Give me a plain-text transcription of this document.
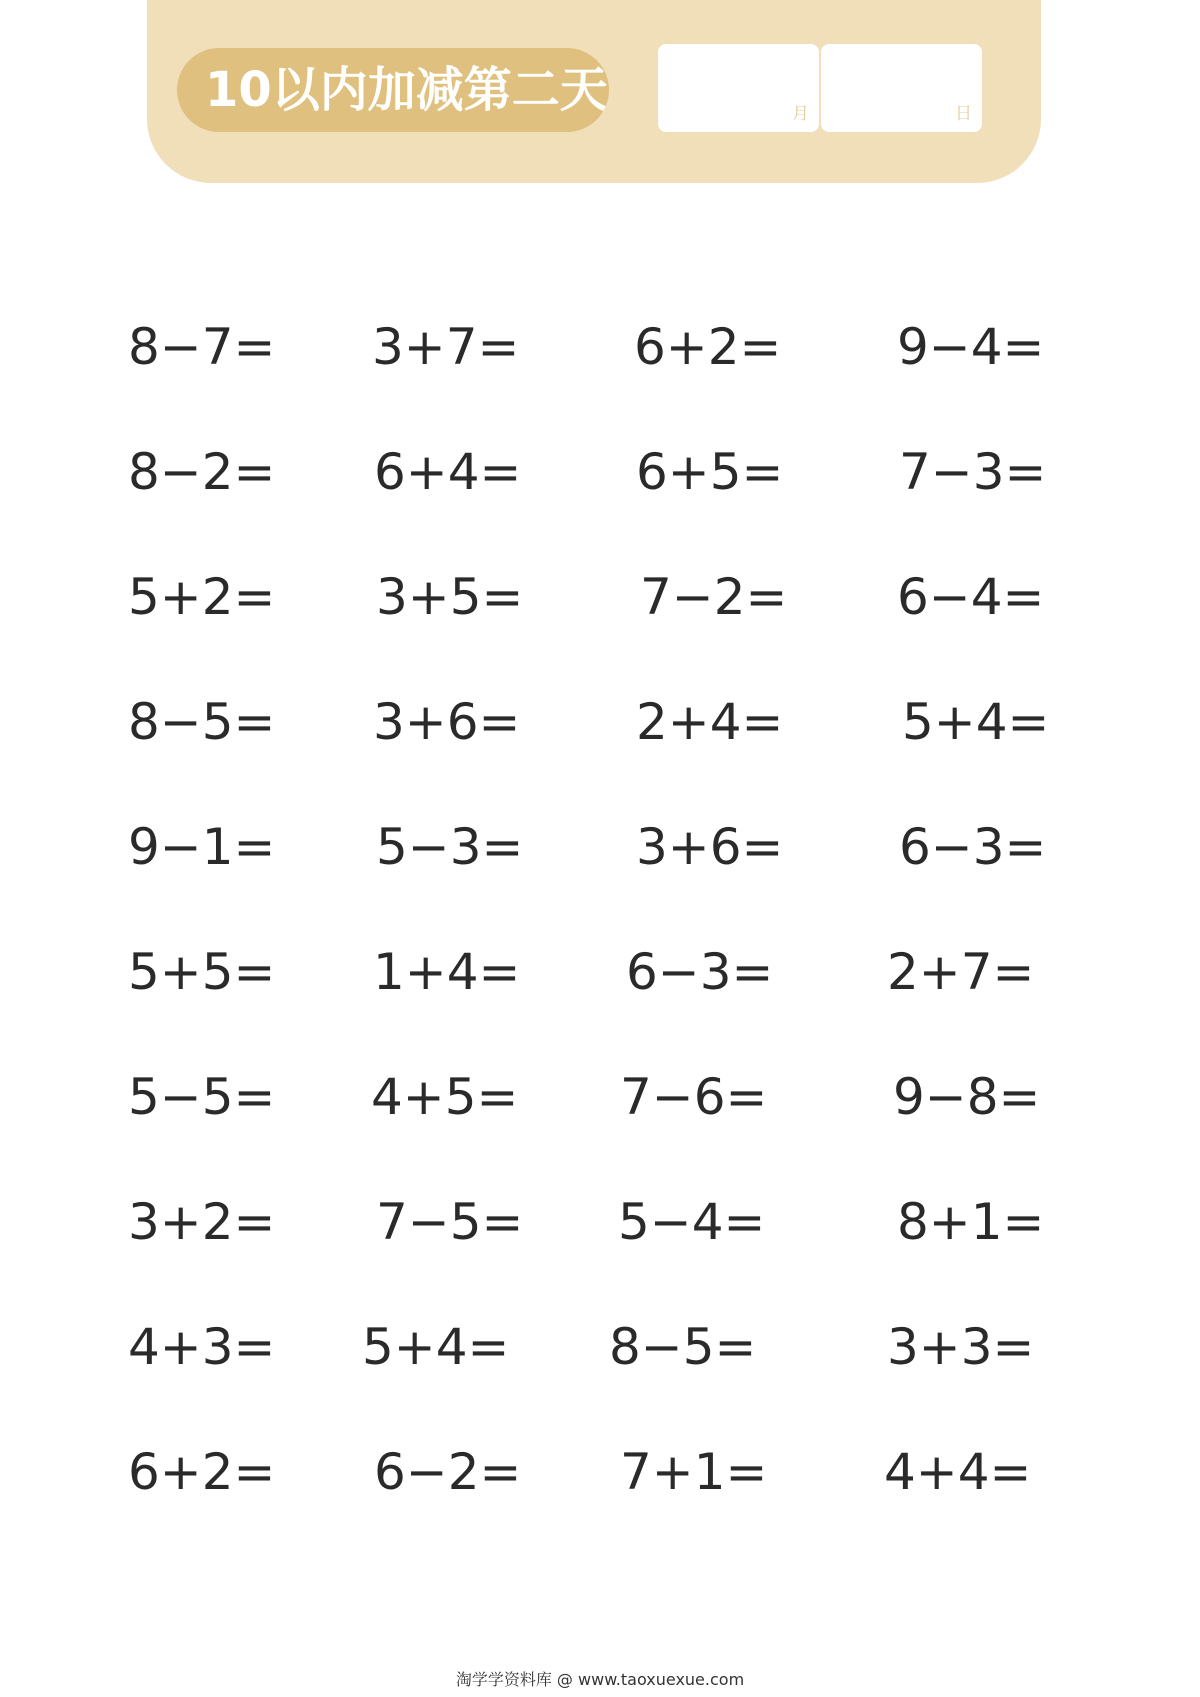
10以内加减第二天	月	日
8−7= 3+7= 6+2= 9−4=
8−2= 6+4= 6+5= 7−3=
5+2= 3+5= 7−2= 6−4=
8−5= 3+6= 2+4= 5+4=
9−1= 5−3= 3+6= 6−3=
5+5= 1+4= 6−3= 2+7=
5−5= 4+5= 7−6=	9−8=
3+2= 7−5= 5−4=	8+1=
4+3= 5+4= 8−5=	3+3=
6+2= 6−2= 7+1= 4+4=
淘学学资料库 @ www.taoxuexue.com
